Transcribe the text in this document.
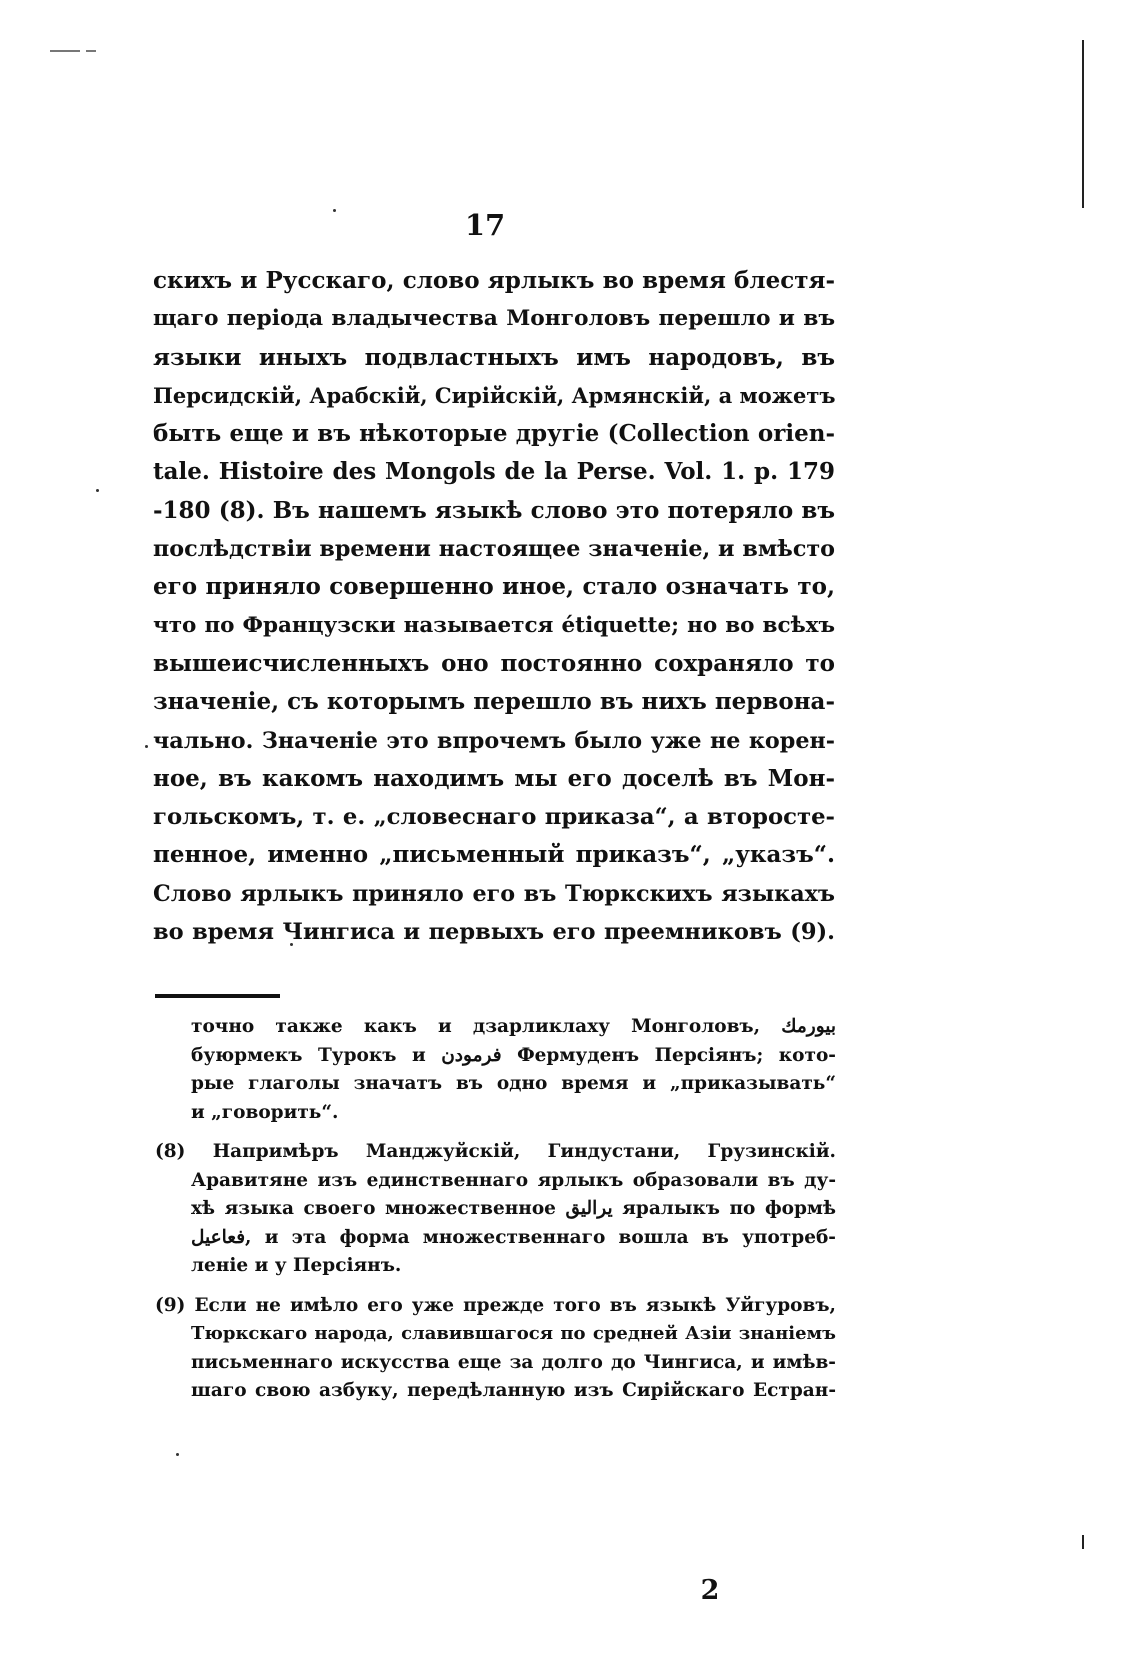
17
скихъ и Русскаго, слово ярлыкъ во время блестя-
щаго періода владычества Монголовъ перешло и въ
языки иныхъ подвластныхъ имъ народовъ, въ
Персидскій, Арабскій, Сирійскій, Армянскій, а можетъ
быть еще и въ нѣкоторые другіе (Collection orien-
tale. Histoire des Mongols de la Perse. Vol. 1. p. 179
-180 (8). Въ нашемъ языкѣ слово это потеряло въ
послѣдствіи времени настоящее значеніе, и вмѣсто
его приняло совершенно иное, стало означать то,
что по Французски называется étiquette; но во всѣхъ
вышеисчисленныхъ оно постоянно сохраняло то
значеніе, съ которымъ перешло въ нихъ первона-
чально. Значеніе это впрочемъ было уже не корен-
ное, въ какомъ находимъ мы его доселѣ въ Мон-
гольскомъ, т. е. „словеснаго приказа“, а второсте-
пенное, именно „письменный приказъ“, „указъ“.
Слово ярлыкъ приняло его въ Тюркскихъ языкахъ
во время Чингиса и первыхъ его преемниковъ (9).
точно также какъ и дзарликлаху Монголовъ, بیورمك
буюрмекъ Турокъ и فرمودن Фермуденъ Персіянъ; кото-
рые глаголы значатъ въ одно время и „приказывать“
и „говорить“.
(8) Напримѣръ Манджуйскій, Гиндустани, Грузинскій.
Аравитяне изъ единственнаго ярлыкъ образовали въ ду-
хѣ языка своего множественное يراليق яралыкъ по формѣ
فعاعيل, и эта форма множественнаго вошла въ употреб-
леніе и у Персіянъ.
(9) Если не имѣло его уже прежде того въ языкѣ Уйгуровъ,
Тюркскаго народа, славившагося по средней Азіи знаніемъ
письменнаго искусства еще за долго до Чингиса, и имѣв-
шаго свою азбуку, передѣланную изъ Сирійскаго Естран-
2
